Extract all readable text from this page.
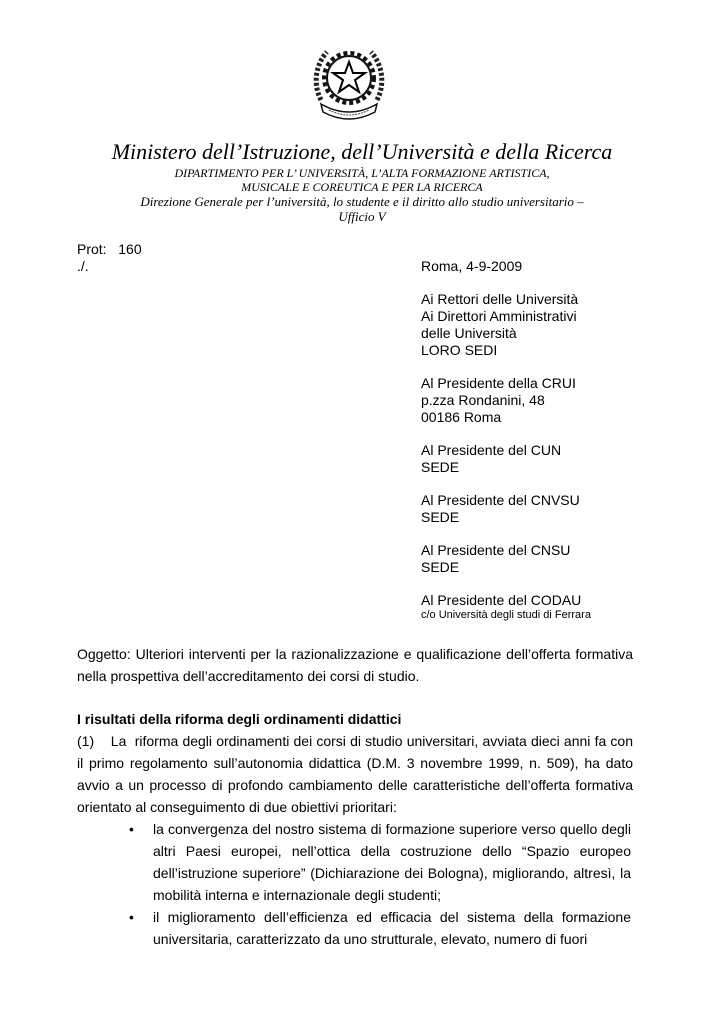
Ministero dell’Istruzione, dell’Università e della Ricerca
DIPARTIMENTO PER L’ UNIVERSITÀ, L’ALTA FORMAZIONE ARTISTICA,
MUSICALE E COREUTICA E PER LA RICERCA
Direzione Generale per l’università, lo studente e il diritto allo studio universitario –
Ufficio V
Prot: 160
./.	Roma, 4-9-2009
Ai Rettori delle Università
Ai Direttori Amministrativi
delle Università
LORO SEDI
Al Presidente della CRUI
p.zza Rondanini, 48
00186 Roma
Al Presidente del CUN
SEDE
Al Presidente del CNVSU
SEDE
Al Presidente del CNSU
SEDE
Al Presidente del CODAU
c/o Università degli studi di Ferrara
Oggetto: Ulteriori interventi per la razionalizzazione e qualificazione dell’offerta formativa nella prospettiva dell’accreditamento dei corsi di studio.
I risultati della riforma degli ordinamenti didattici
(1)    La  riforma degli ordinamenti dei corsi di studio universitari, avviata dieci anni fa con il primo regolamento sull’autonomia didattica (D.M. 3 novembre 1999, n. 509), ha dato avvio a un processo di profondo cambiamento delle caratteristiche dell’offerta formativa orientato al conseguimento di due obiettivi prioritari:
• la convergenza del nostro sistema di formazione superiore verso quello degli altri Paesi europei, nell’ottica della costruzione dello “Spazio europeo dell’istruzione superiore” (Dichiarazione dei Bologna), migliorando, altresì, la mobilità interna e internazionale degli studenti;
• il miglioramento dell’efficienza ed efficacia del sistema della formazione universitaria, caratterizzato da uno strutturale, elevato, numero di fuori
